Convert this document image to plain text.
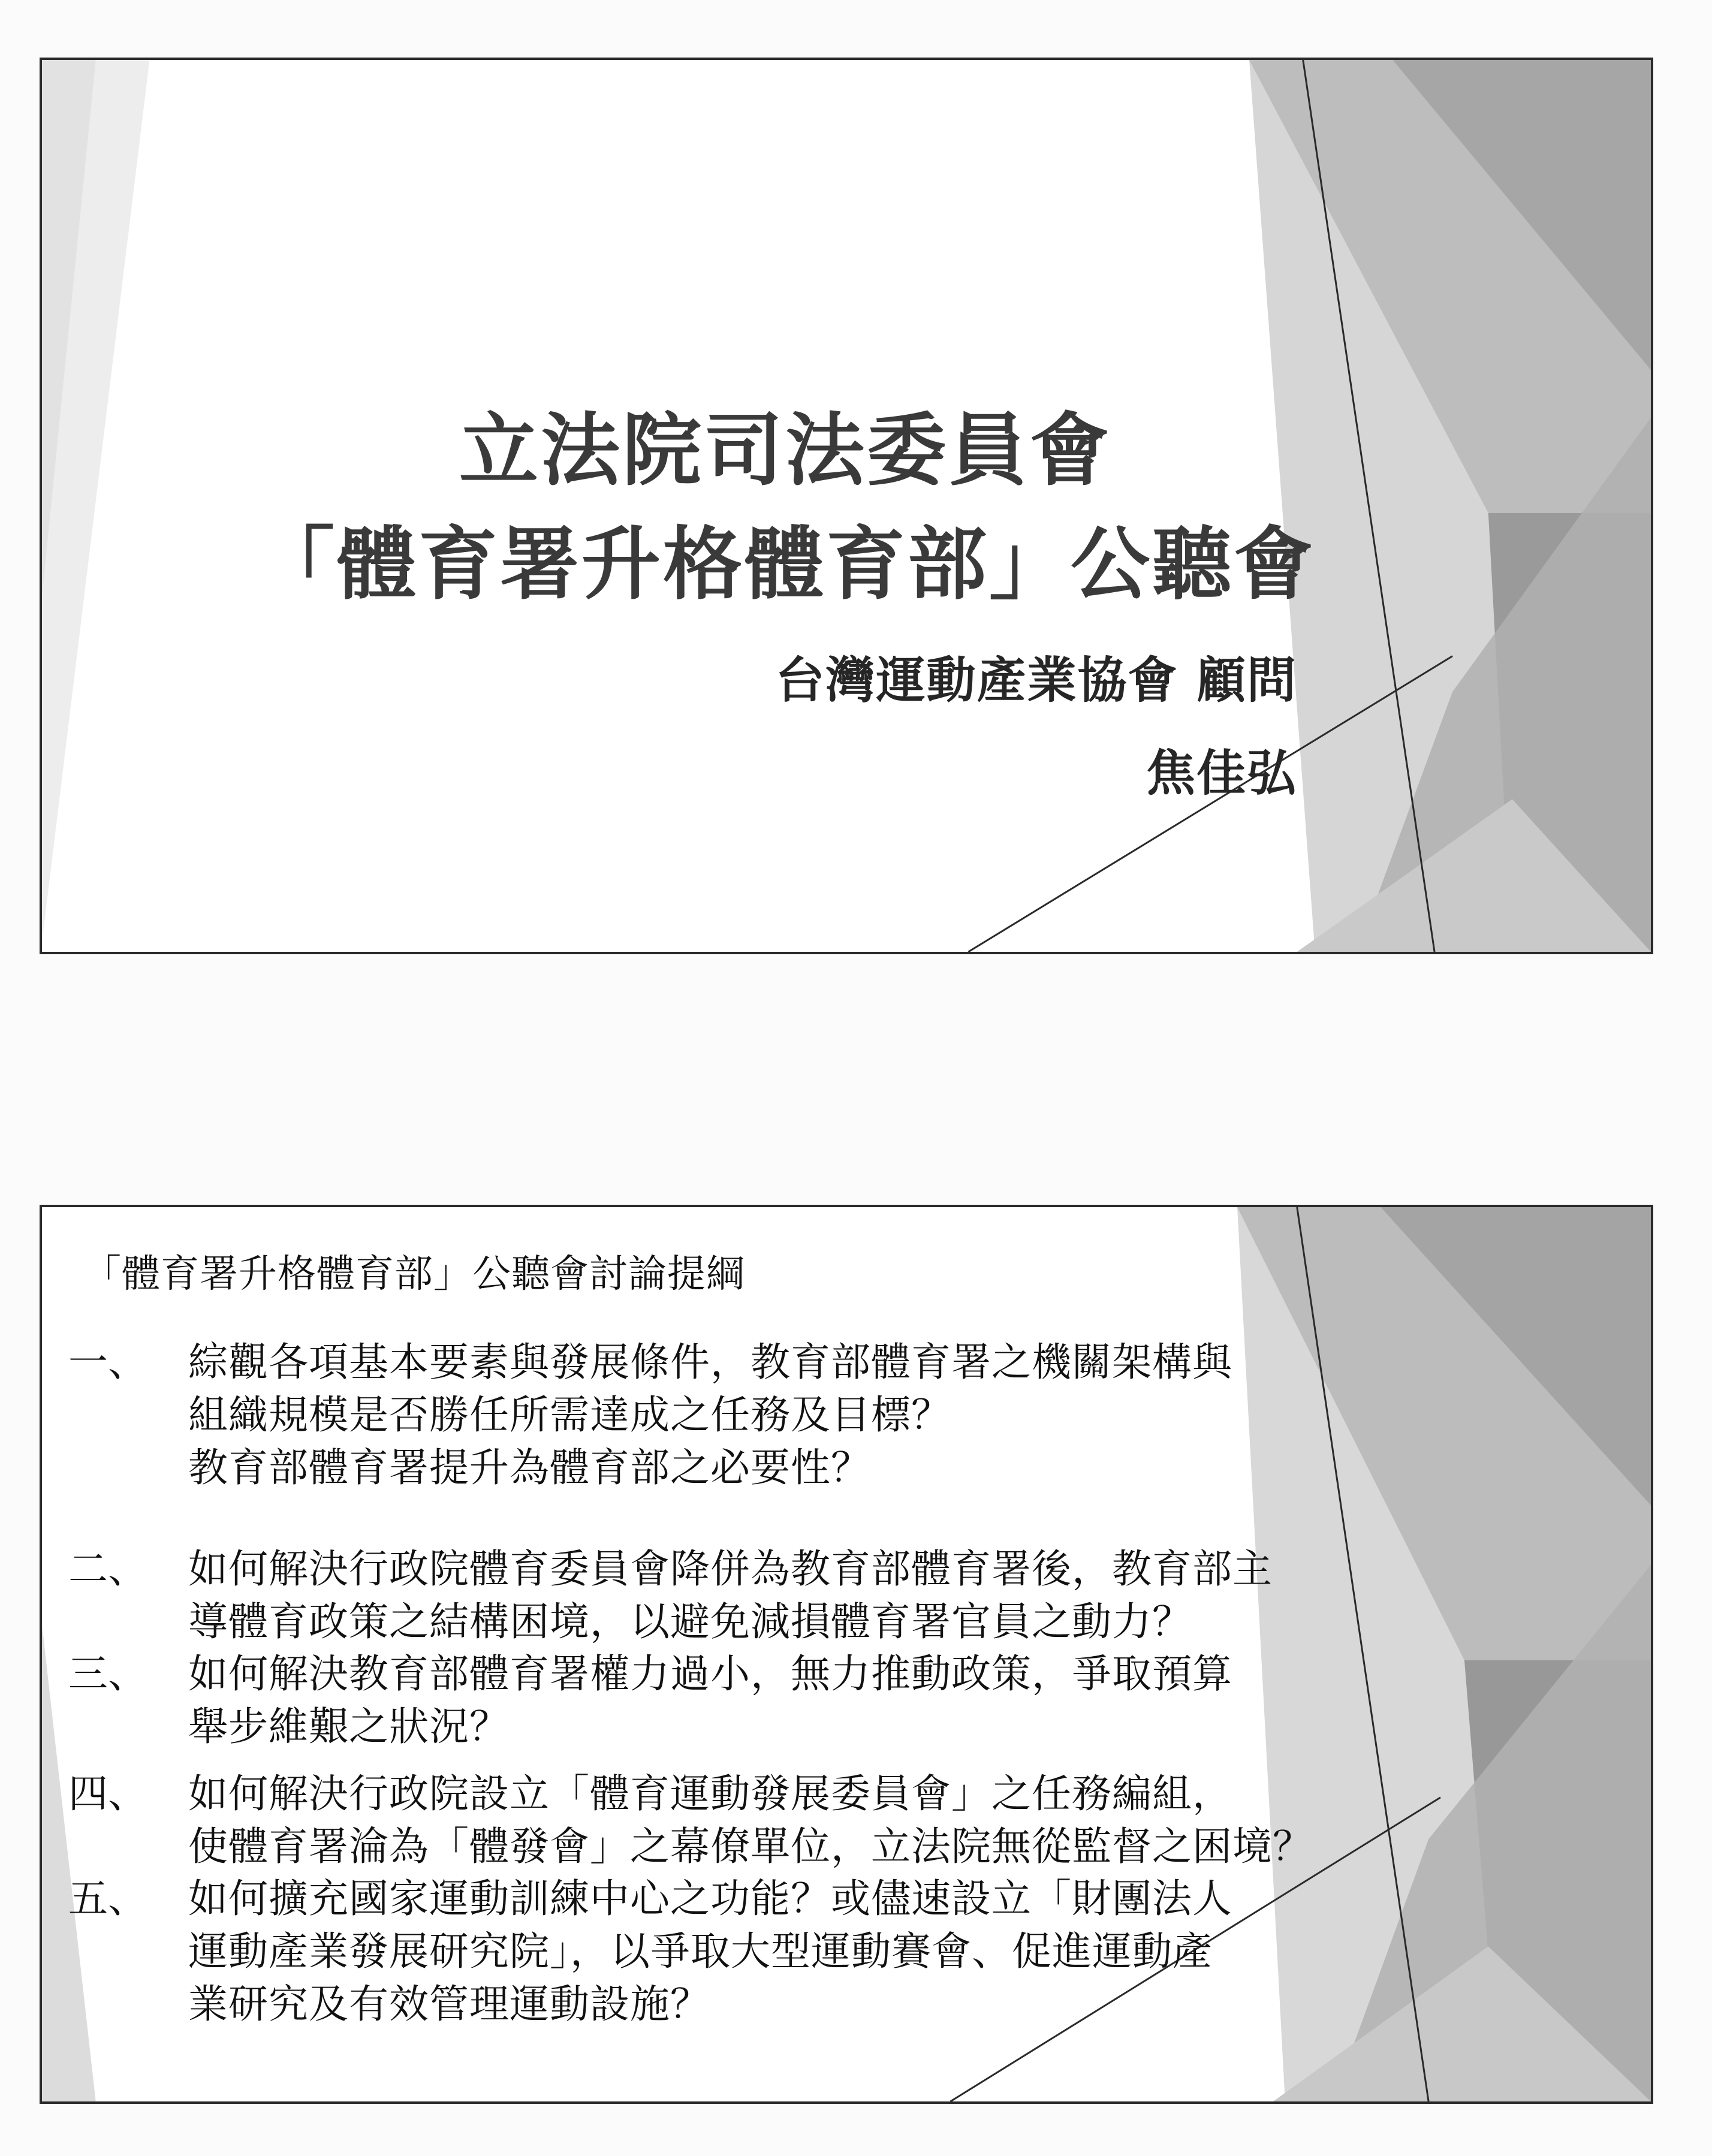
立法院司法委員會
「體育署升格體育部」公聽會
台灣運動產業協會 顧問
焦佳弘
「體育署升格體育部」公聽會討論提綱
一、	綜觀各項基本要素與發展條件，教育部體育署之機關架構與
組織規模是否勝任所需達成之任務及目標？
教育部體育署提升為體育部之必要性？
二、	如何解決行政院體育委員會降併為教育部體育署後，教育部主
導體育政策之結構困境，以避免減損體育署官員之動力？
三、	如何解決教育部體育署權力過小，無力推動政策，爭取預算
舉步維艱之狀況？
四、	如何解決行政院設立「體育運動發展委員會」之任務編組，
使體育署淪為「體發會」之幕僚單位，立法院無從監督之困境？
五、	如何擴充國家運動訓練中心之功能？或儘速設立「財團法人
運動產業發展研究院」，以爭取大型運動賽會、促進運動產
業研究及有效管理運動設施？
